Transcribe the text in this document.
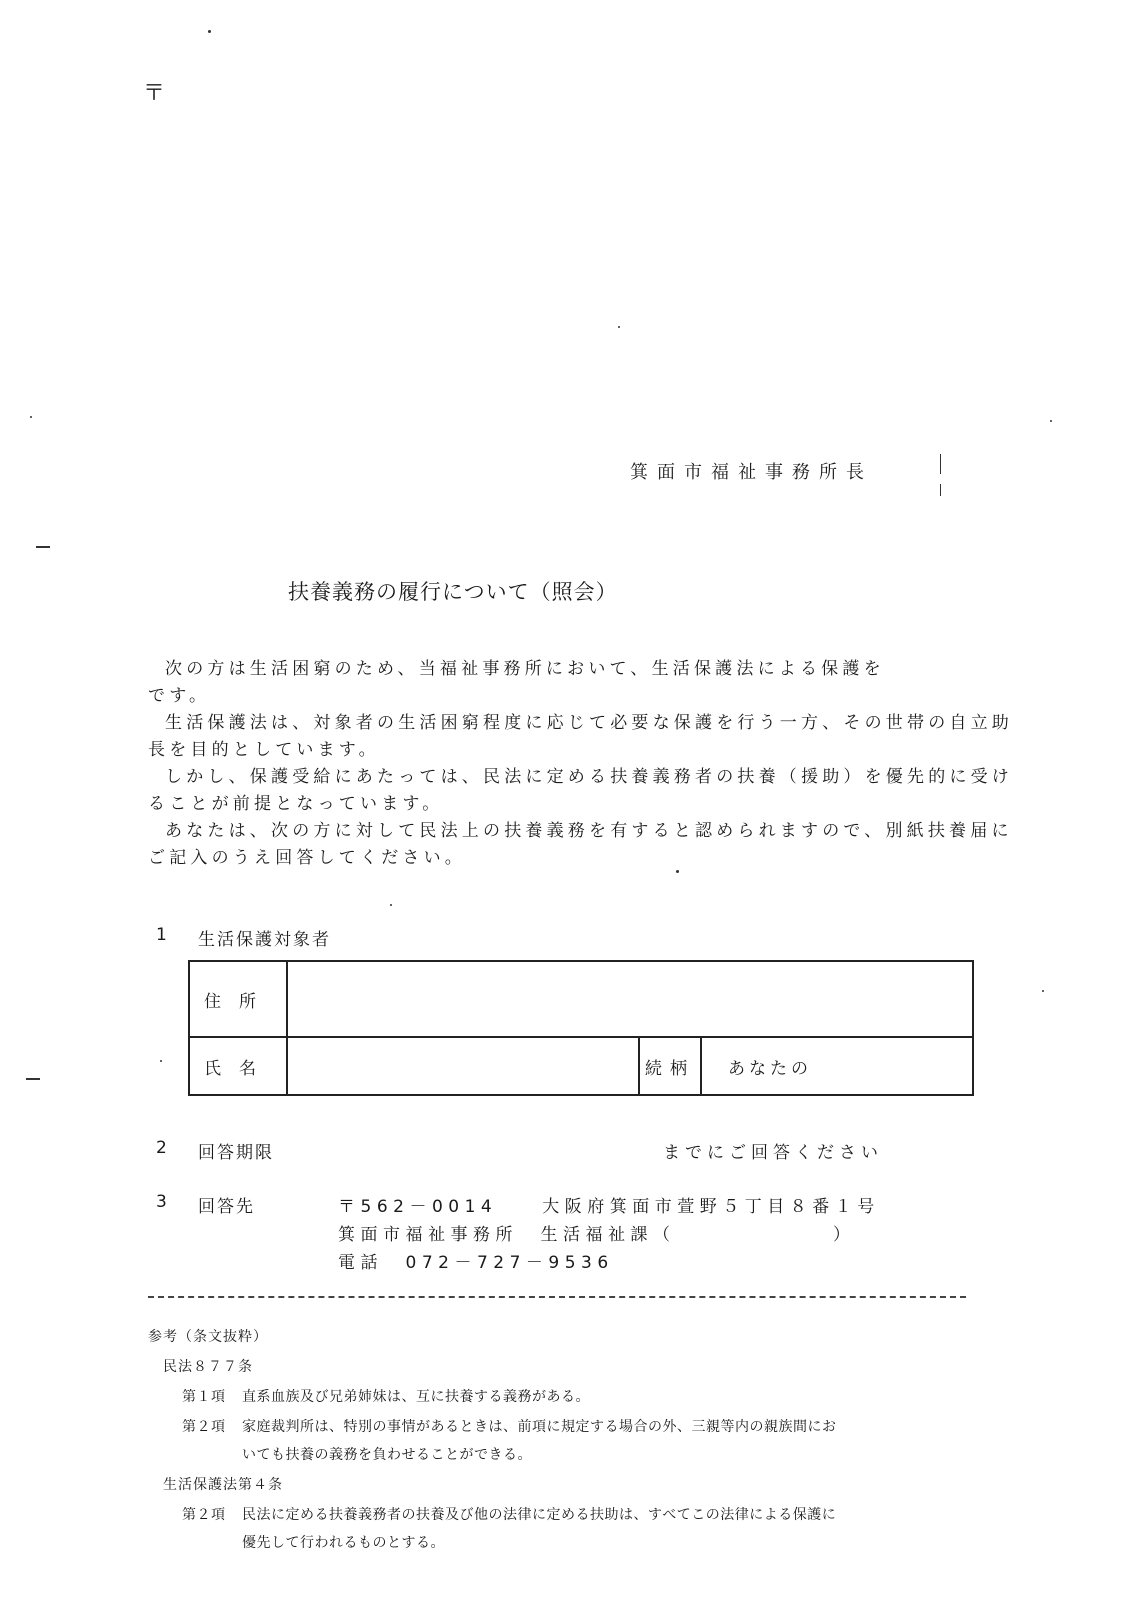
〒
箕面市福祉事務所長
扶養義務の履行について（照会）

次の方は生活困窮のため、当福祉事務所において、生活保護法による保護を　　　　　　　　　です。

生活保護法は、対象者の生活困窮程度に応じて必要な保護を行う一方、その世帯の自立助長を目的としています。

しかし、保護受給にあたっては、民法に定める扶養義務者の扶養（援助）を優先的に受けることが前提となっています。

あなたは、次の方に対して民法上の扶養義務を有すると認められますので、別紙扶養届にご記入のうえ回答してください。

1 生活保護対象者
住所			
氏名		続柄	あなたの
2 回答期限	までにご回答ください
3 回答先	〒562－0014　　大阪府箕面市萱野５丁目８番１号
箕面市福祉事務所　生活福祉課（　　　　　　　）
電話　072－727－9536
参考（条文抜粋）
民法８７７条
第１項 直系血族及び兄弟姉妹は、互に扶養する義務がある。
第２項 家庭裁判所は、特別の事情があるときは、前項に規定する場合の外、三親等内の親族間にお
いても扶養の義務を負わせることができる。
生活保護法第４条
第２項 民法に定める扶養義務者の扶養及び他の法律に定める扶助は、すべてこの法律による保護に
優先して行われるものとする。
